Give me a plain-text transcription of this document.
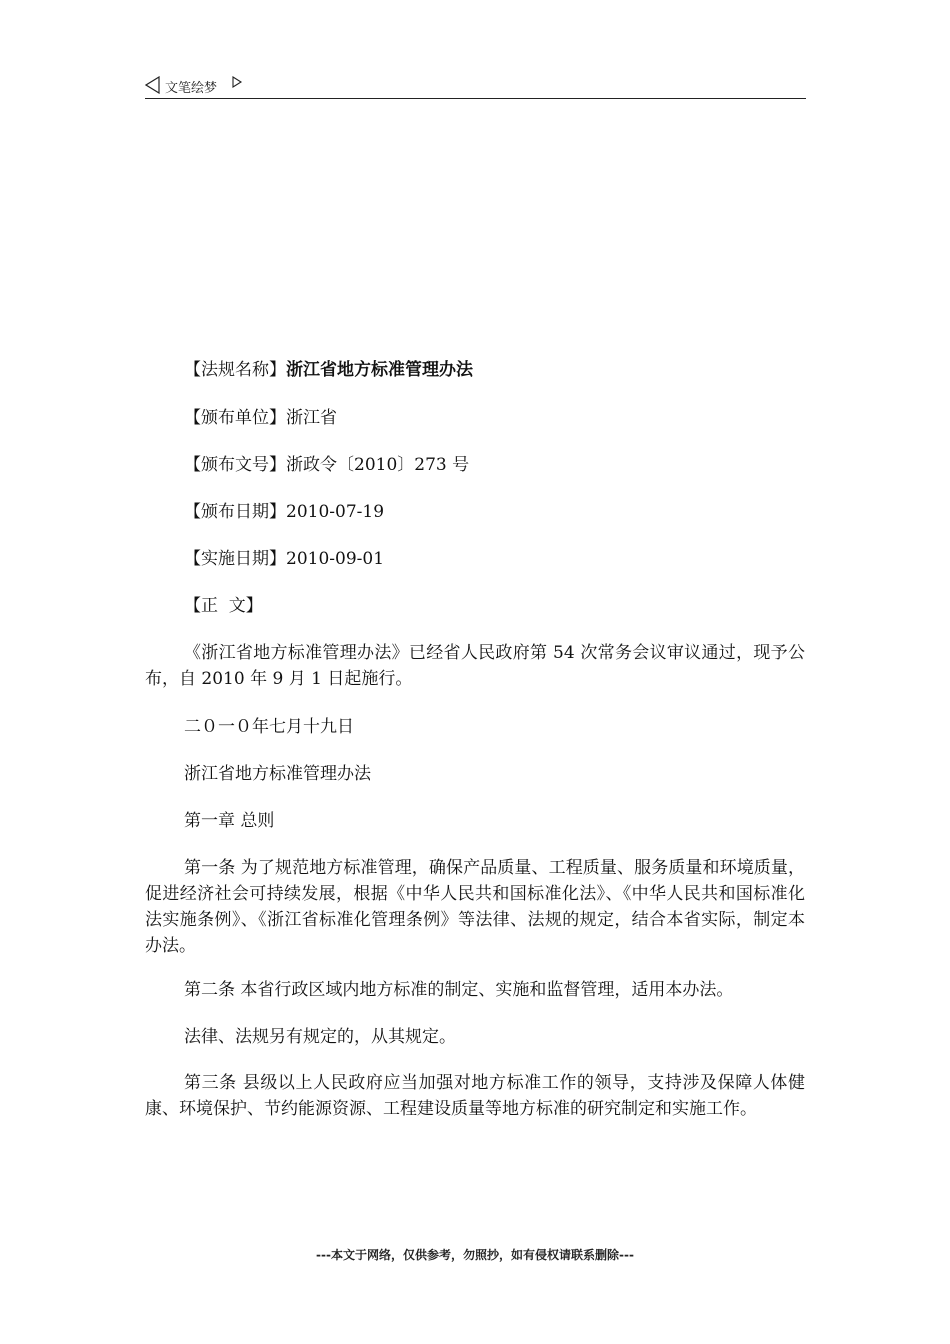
文笔绘梦
【法规名称】浙江省地方标准管理办法
【颁布单位】浙江省
【颁布文号】浙政令〔2010〕273 号
【颁布日期】2010-07-19
【实施日期】2010-09-01
【正  文】
《浙江省地方标准管理办法》已经省人民政府第 54 次常务会议审议通过，现予公布，自 2010 年 9 月 1 日起施行。
二０一０年七月十九日
浙江省地方标准管理办法
第一章 总则
第一条 为了规范地方标准管理，确保产品质量、工程质量、服务质量和环境质量，促进经济社会可持续发展，根据《中华人民共和国标准化法》、《中华人民共和国标准化法实施条例》、《浙江省标准化管理条例》等法律、法规的规定，结合本省实际，制定本办法。
第二条 本省行政区域内地方标准的制定、实施和监督管理，适用本办法。
法律、法规另有规定的，从其规定。
第三条 县级以上人民政府应当加强对地方标准工作的领导，支持涉及保障人体健康、环境保护、节约能源资源、工程建设质量等地方标准的研究制定和实施工作。
---本文于网络，仅供参考，勿照抄，如有侵权请联系删除---
